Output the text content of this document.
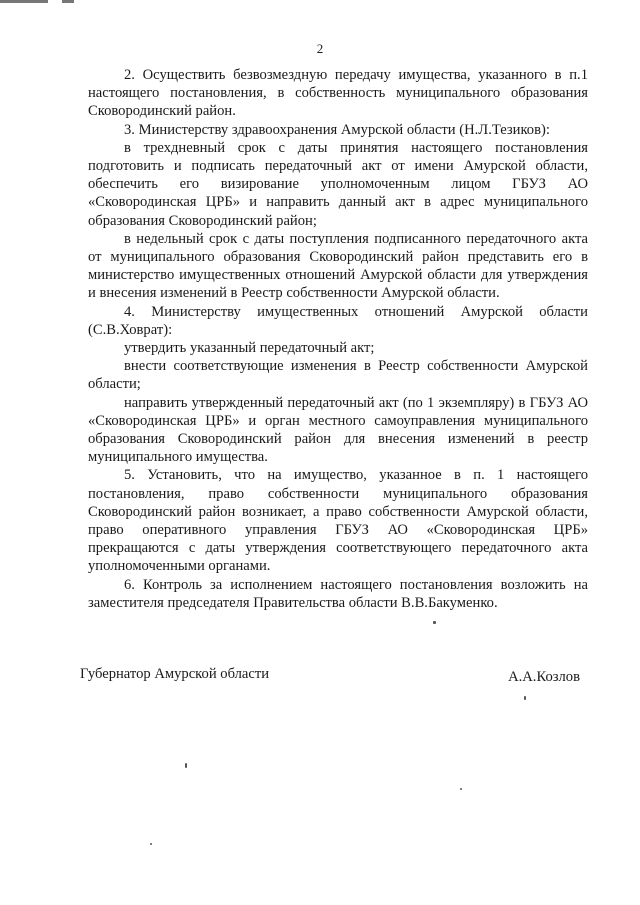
2

2. Осуществить безвозмездную передачу имущества, указанного в п.1 настоящего постановления, в собственность муниципального образования Сковородинский район.

3. Министерству здравоохранения Амурской области (Н.Л.Тезиков):

в трехдневный срок с даты принятия настоящего постановления подготовить и подписать передаточный акт от имени Амурской области, обеспечить его визирование уполномоченным лицом ГБУЗ АО «Сковородинская ЦРБ» и направить данный акт в адрес муниципального образования Сковородинский район;

в недельный срок с даты поступления подписанного передаточного акта от муниципального образования Сковородинский район представить его в министерство имущественных отношений Амурской области для утверждения и внесения изменений в Реестр собственности Амурской области.

4. Министерству имущественных отношений Амурской области (С.В.Ховрат):

утвердить указанный передаточный акт;

внести соответствующие изменения в Реестр собственности Амурской области;

направить утвержденный передаточный акт (по 1 экземпляру) в ГБУЗ АО «Сковородинская ЦРБ» и орган местного самоуправления муниципального образования Сковородинский район для внесения изменений в реестр муниципального имущества.

5. Установить, что на имущество, указанное в п. 1 настоящего постановления, право собственности муниципального образования Сковородинский район возникает, а право собственности Амурской области, право оперативного управления ГБУЗ АО «Сковородинская ЦРБ» прекращаются с даты утверждения соответствующего передаточного акта уполномоченными органами.

6. Контроль за исполнением настоящего постановления возложить на заместителя председателя Правительства области В.В.Бакуменко.

Губернатор Амурской области	А.А.Козлов
